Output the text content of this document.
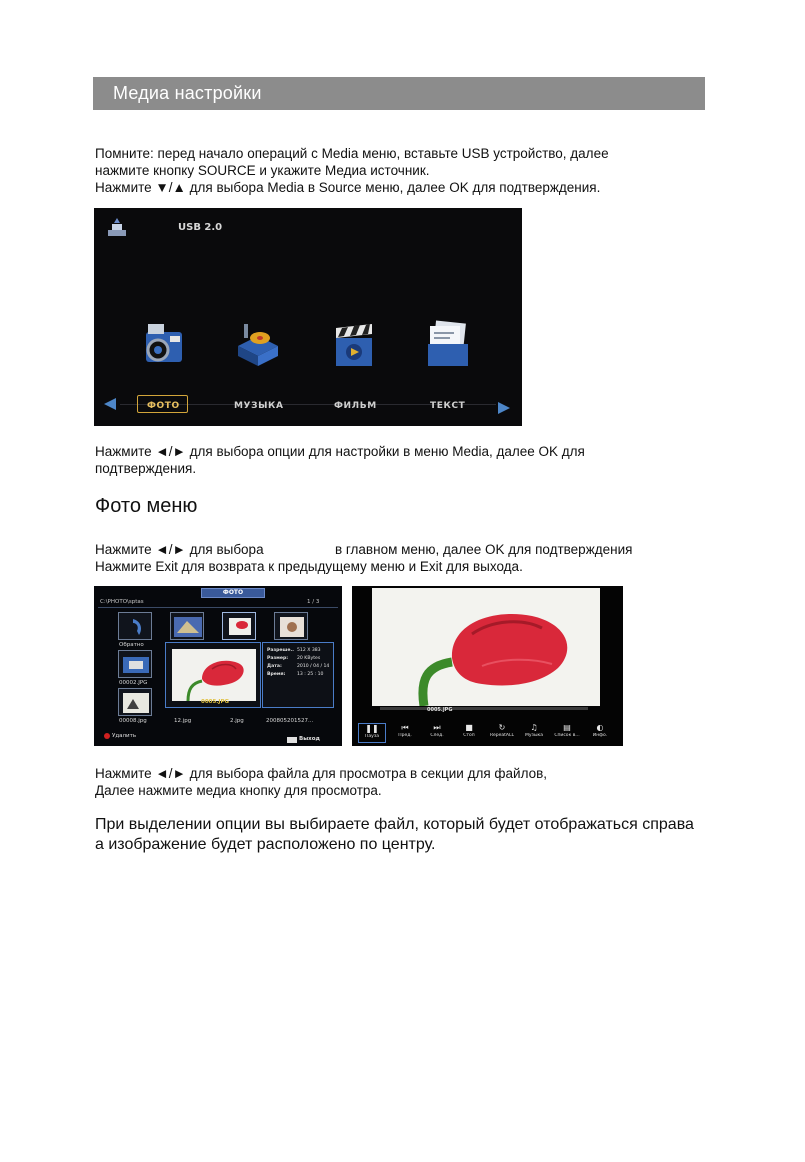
Медиа настройки
Помните: перед начало операций с Media меню, вставьте USB устройство, далее
нажмите кнопку SOURCE и укажите Медиа источник.
Нажмите ▼/▲ для выбора Media в Source меню, далее OK для подтверждения.
USB 2.0
ФОТО	МУЗЫКА	ФИЛЬМ	ТЕКСТ
Нажмите ◄/► для выбора опции для настройки в меню Media, далее OK для
подтверждения.
Фото меню
Нажмите ◄/► для выбора	в главном меню, далее OK для подтверждения
Нажмите Exit для возврата к предыдущему меню и Exit для выхода.
ФОТО
C:\PHOTO\sptas	1 / 3
Обратно
00002.JPG
00008.jpg	12.jpg	2.jpg	200805201527...
0005.JPG
Разреше.. 512 X 383
Размер: 20 KBytes
Дата:	2010 / 04 / 14
Время:	13 : 25 : 10
Удалить	Выход
0005.JPG
❚❚
Пауза
⏮
Пред.
⏭
След.
■
Стоп
↻
RepeatALL
♫
Музыка
▤
Список в...
◐
Инфо.
Нажмите ◄/► для выбора файла для просмотра в секции для файлов,
Далее нажмите медиа кнопку для просмотра.
При выделении опции вы выбираете файл, который будет отображаться справа
а изображение будет расположено по центру.
